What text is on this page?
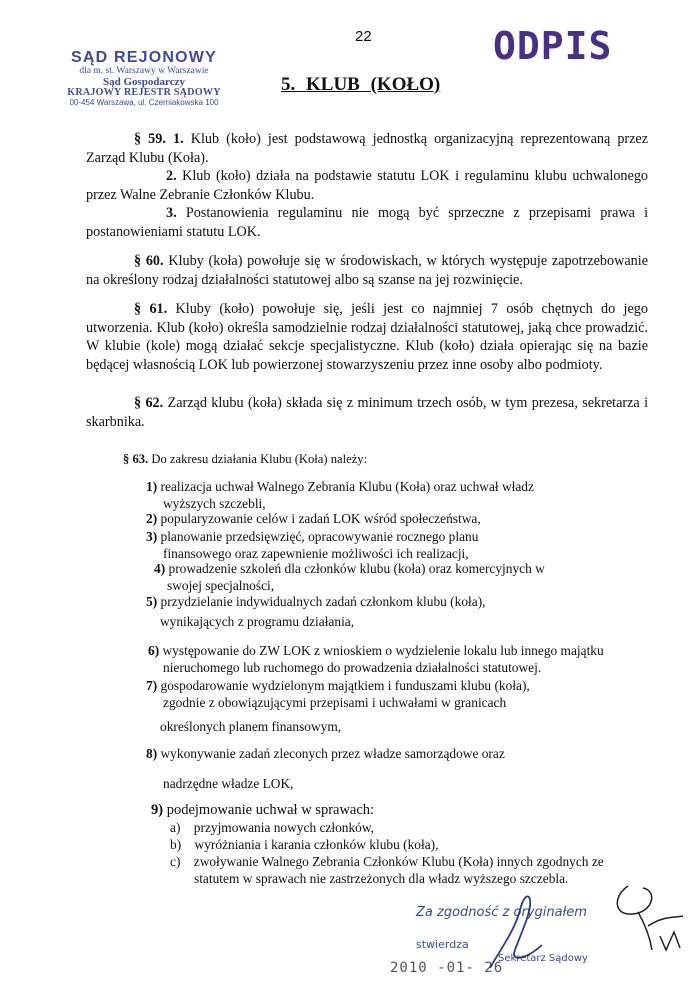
22
SĄD REJONOWY
dla m. st. Warszawy w Warszawie
Sąd Gospodarczy
KRAJOWY REJESTR SĄDOWY
00-454 Warszawa, ul. Czerniakowska 100
ODPIS
5. KLUB (KOŁO)
§ 59. 1. Klub (koło) jest podstawową jednostką organizacyjną reprezentowaną przez Zarząd Klubu (Koła).
2. Klub (koło) działa na podstawie statutu LOK i regulaminu klubu uchwalonego przez Walne Zebranie Członków Klubu.
3. Postanowienia regulaminu nie mogą być sprzeczne z przepisami prawa i postanowieniami statutu LOK.
§ 60. Kluby (koła) powołuje się w środowiskach, w których występuje zapotrzebowanie na określony rodzaj działalności statutowej albo są szanse na jej rozwinięcie.
§ 61. Kluby (koło) powołuje się, jeśli jest co najmniej 7 osób chętnych do jego utworzenia. Klub (koło) określa samodzielnie rodzaj działalności statutowej, jaką chce prowadzić. W klubie (kole) mogą działać sekcje specjalistyczne. Klub (koło) działa opierając się na bazie będącej własnością LOK lub powierzonej stowarzyszeniu przez inne osoby albo podmioty.
§ 62. Zarząd klubu (koła) składa się z minimum trzech osób, w tym prezesa, sekretarza i skarbnika.
§ 63. Do zakresu działania Klubu (Koła) należy:
1) realizacja uchwał Walnego Zebrania Klubu (Koła) oraz uchwał władz
wyższych szczebli,
2) popularyzowanie celów i zadań LOK wśród społeczeństwa,
3) planowanie przedsięwzięć, opracowywanie rocznego planu
finansowego oraz zapewnienie możliwości ich realizacji,
4) prowadzenie szkoleń dla członków klubu (koła) oraz komercyjnych w
swojej specjalności,
5) przydzielanie indywidualnych zadań członkom klubu (koła),
wynikających z programu działania,
6) występowanie do ZW LOK z wnioskiem o wydzielenie lokalu lub innego majątku
nieruchomego lub ruchomego do prowadzenia działalności statutowej.
7) gospodarowanie wydzielonym majątkiem i funduszami klubu (koła),
zgodnie z obowiązującymi przepisami i uchwałami w granicach
określonych planem finansowym,
8) wykonywanie zadań zleconych przez władze samorządowe oraz
nadrzędne władze LOK,
9) podejmowanie uchwał w sprawach:
a) przyjmowania nowych członków,
b) wyróżniania i karania członków klubu (koła),
c) zwoływanie Walnego Zebrania Członków Klubu (Koła) innych zgodnych ze
statutem w sprawach nie zastrzeżonych dla władz wyższego szczebla.
Za zgodność z oryginałem
stwierdza
Sekretarz Sądowy
2010 -01- 26
